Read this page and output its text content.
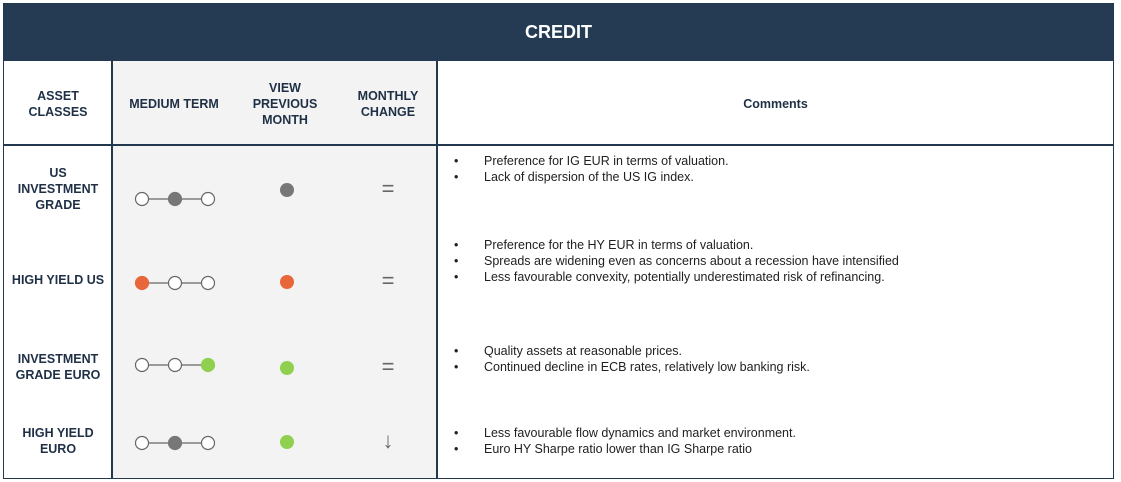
CREDIT
ASSET CLASSES
MEDIUM TERM
VIEW PREVIOUS MONTH
MONTHLY CHANGE
Comments
US INVESTMENT GRADE
=
• Preference for IG EUR in terms of valuation.
• Lack of dispersion of the US IG index.
HIGH YIELD US	=
• Preference for the HY EUR in terms of valuation.
• Spreads are widening even as concerns about a recession have intensified
• Less favourable convexity, potentially underestimated risk of refinancing.
INVESTMENT GRADE EURO	=
• Quality assets at reasonable prices.
• Continued decline in ECB rates, relatively low banking risk.
HIGH YIELD EURO	↓
•	Less favourable flow dynamics and market environment.
• Euro HY Sharpe ratio lower than IG Sharpe ratio
